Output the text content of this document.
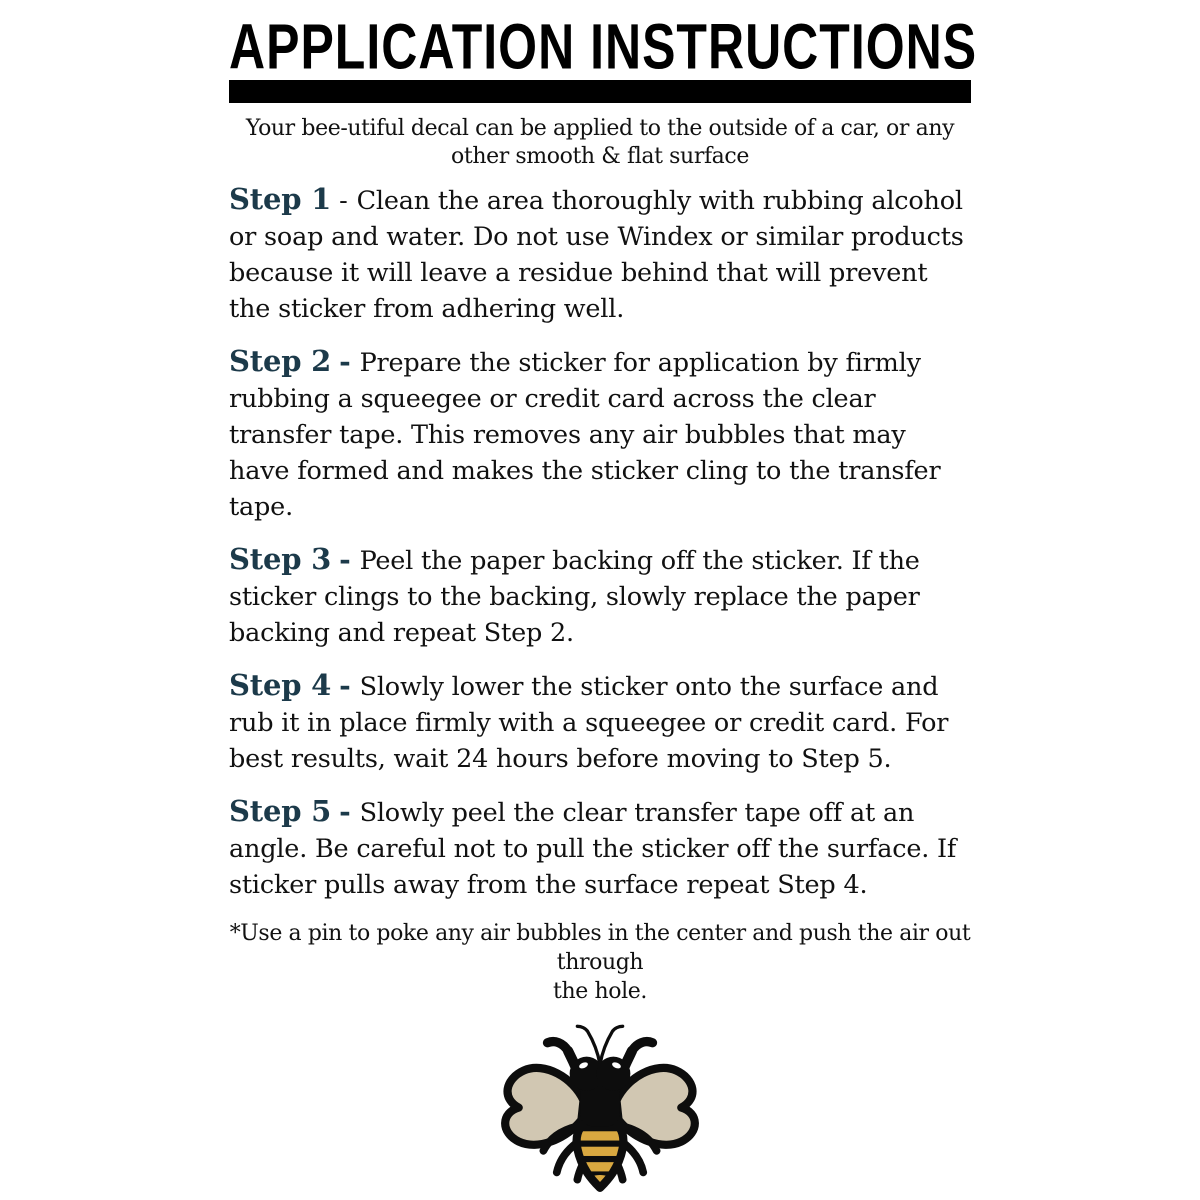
APPLICATION INSTRUCTIONS
Your bee-utiful decal can be applied to the outside of a car, or any
other smooth & flat surface

Step 1 - Clean the area thoroughly with rubbing alcohol or soap and water. Do not use Windex or similar products because it will leave a residue behind that will prevent the sticker from adhering well.

Step 2 - Prepare the sticker for application by firmly rubbing a squeegee or credit card across the clear transfer tape. This removes any air bubbles that may have formed and makes the sticker cling to the transfer tape.

Step 3 - Peel the paper backing off the sticker. If the sticker clings to the backing, slowly replace the paper backing and repeat Step 2.

Step 4 - Slowly lower the sticker onto the surface and rub it in place firmly with a squeegee or credit card. For best results, wait 24 hours before moving to Step 5.

Step 5 - Slowly peel the clear transfer tape off at an angle. Be careful not to pull the sticker off the surface. If sticker pulls away from the surface repeat Step 4.

*Use a pin to poke any air bubbles in the center and push the air out through
the hole.
